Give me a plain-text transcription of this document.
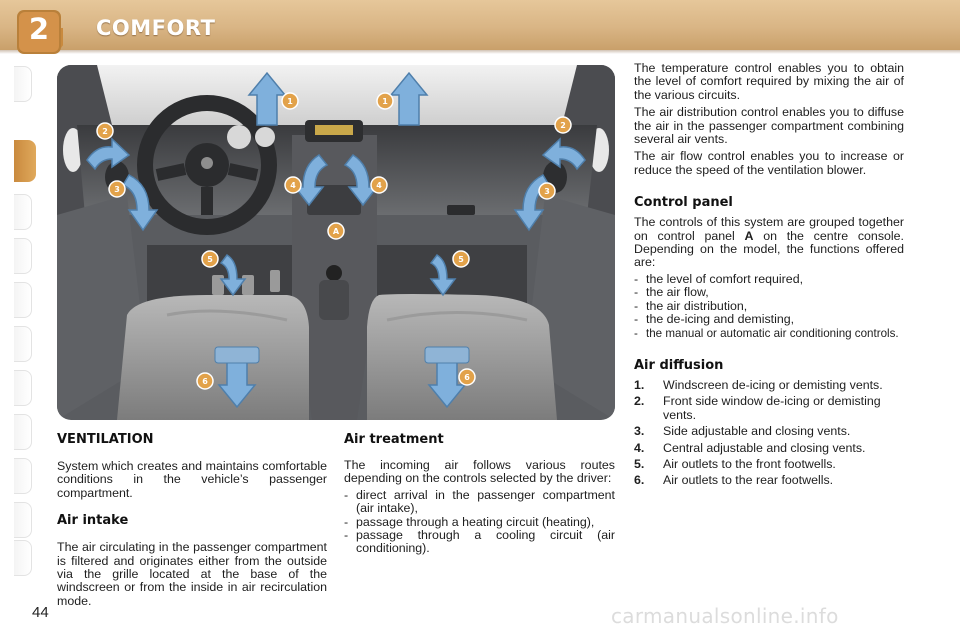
2	COMFORT
1	1
2
2
3	3
4	4
A
5	5
6	6
VENTILATION
System which creates and maintains comfortable conditions in the vehicle’s passenger compartment.
Air intake
The air circulating in the passenger compartment is filtered and originates either from the outside via the grille located at the base of the windscreen or from the inside in air recirculation mode.
Air treatment
The incoming air follows various routes depending on the controls selected by the driver:
- direct arrival in the passenger compartment (air intake),
- passage through a heating circuit (heating),
- passage through a cooling circuit (air conditioning).
The temperature control enables you to obtain the level of comfort required by mixing the air of the various circuits.
The air distribution control enables you to diffuse the air in the passenger compartment combining several air vents.
The air flow control enables you to increase or reduce the speed of the ventilation blower.
Control panel
The controls of this system are grouped together on control panel A on the centre console. Depending on the model, the functions offered are:
- the level of comfort required,
- the air flow,
- the air distribution,
- the de-icing and demisting,
- the manual or automatic air conditioning controls.
Air diffusion
1. Windscreen de-icing or demisting vents.
2. Front side window de-icing or demisting vents.
3. Side adjustable and closing vents.
4. Central adjustable and closing vents.
5. Air outlets to the front footwells.
6. Air outlets to the rear footwells.
44	carmanualsonline.info
